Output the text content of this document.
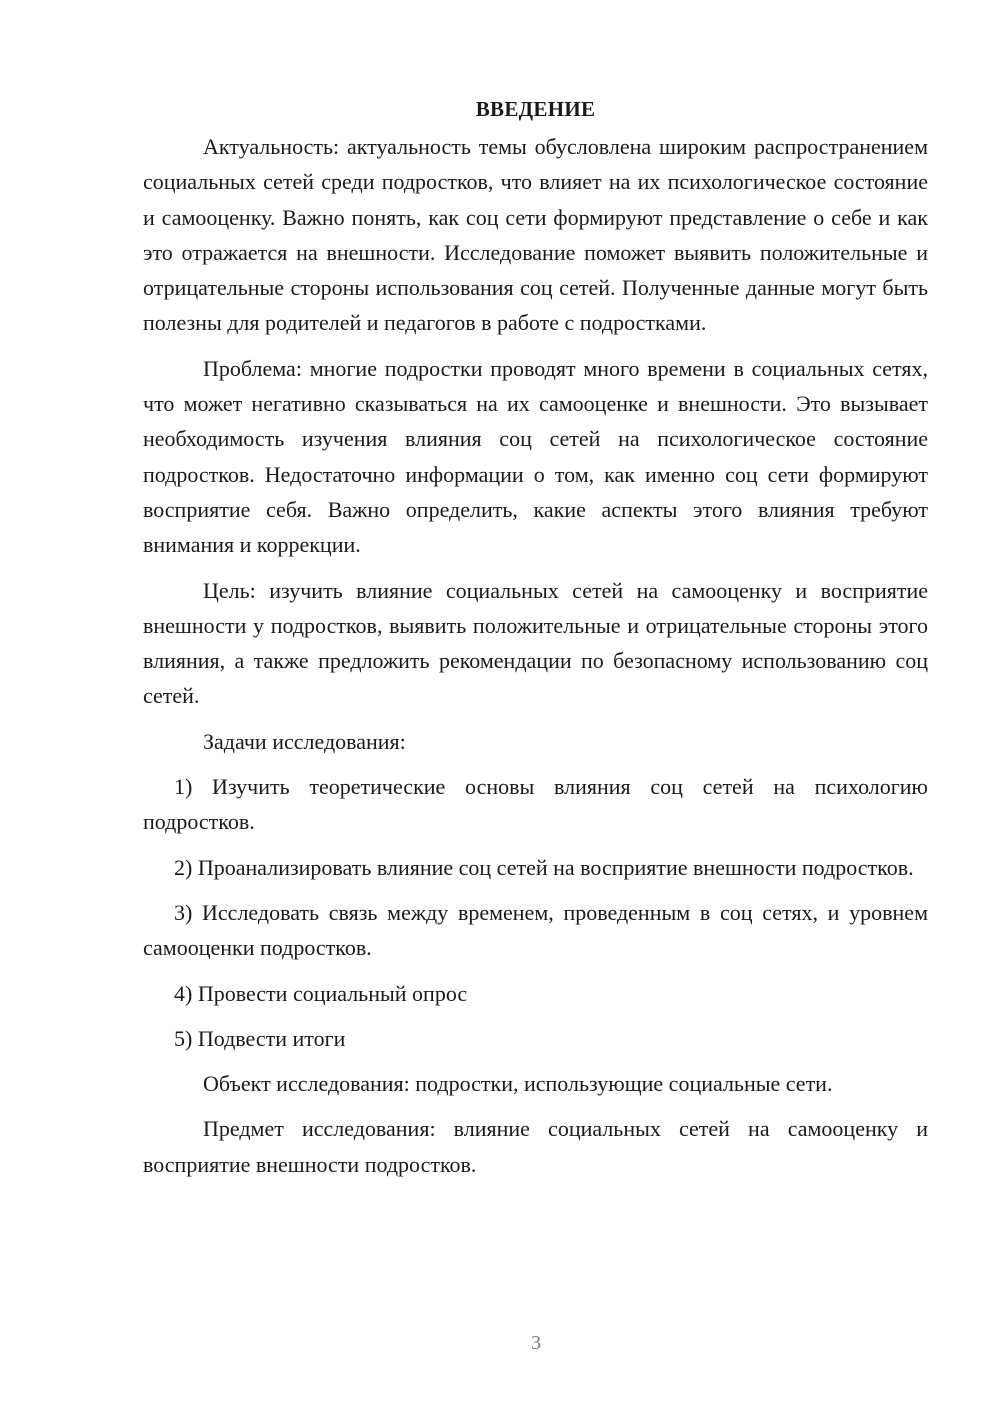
ВВЕДЕНИЕ

Актуальность: актуальность темы обусловлена широким распространением социальных сетей среди подростков, что влияет на их психологическое состояние и самооценку. Важно понять, как соц сети формируют представление о себе и как это отражается на внешности. Исследование поможет выявить положительные и отрицательные стороны использования соц сетей. Полученные данные могут быть полезны для родителей и педагогов в работе с подростками.

Проблема: многие подростки проводят много времени в социальных сетях, что может негативно сказываться на их самооценке и внешности. Это вызывает необходимость изучения влияния соц сетей на психологическое состояние подростков. Недостаточно информации о том, как именно соц сети формируют восприятие себя. Важно определить, какие аспекты этого влияния требуют внимания и коррекции.

Цель: изучить влияние социальных сетей на самооценку и восприятие внешности у подростков, выявить положительные и отрицательные стороны этого влияния, а также предложить рекомендации по безопасному использованию соц сетей.

Задачи исследования:

1) Изучить теоретические основы влияния соц сетей на психологию подростков.

2) Проанализировать влияние соц сетей на восприятие внешности подростков.

3) Исследовать связь между временем, проведенным в соц сетях, и уровнем самооценки подростков.

4) Провести социальный опрос

5) Подвести итоги

Объект исследования: подростки, использующие социальные сети.

Предмет исследования: влияние социальных сетей на самооценку и восприятие внешности подростков.

3
